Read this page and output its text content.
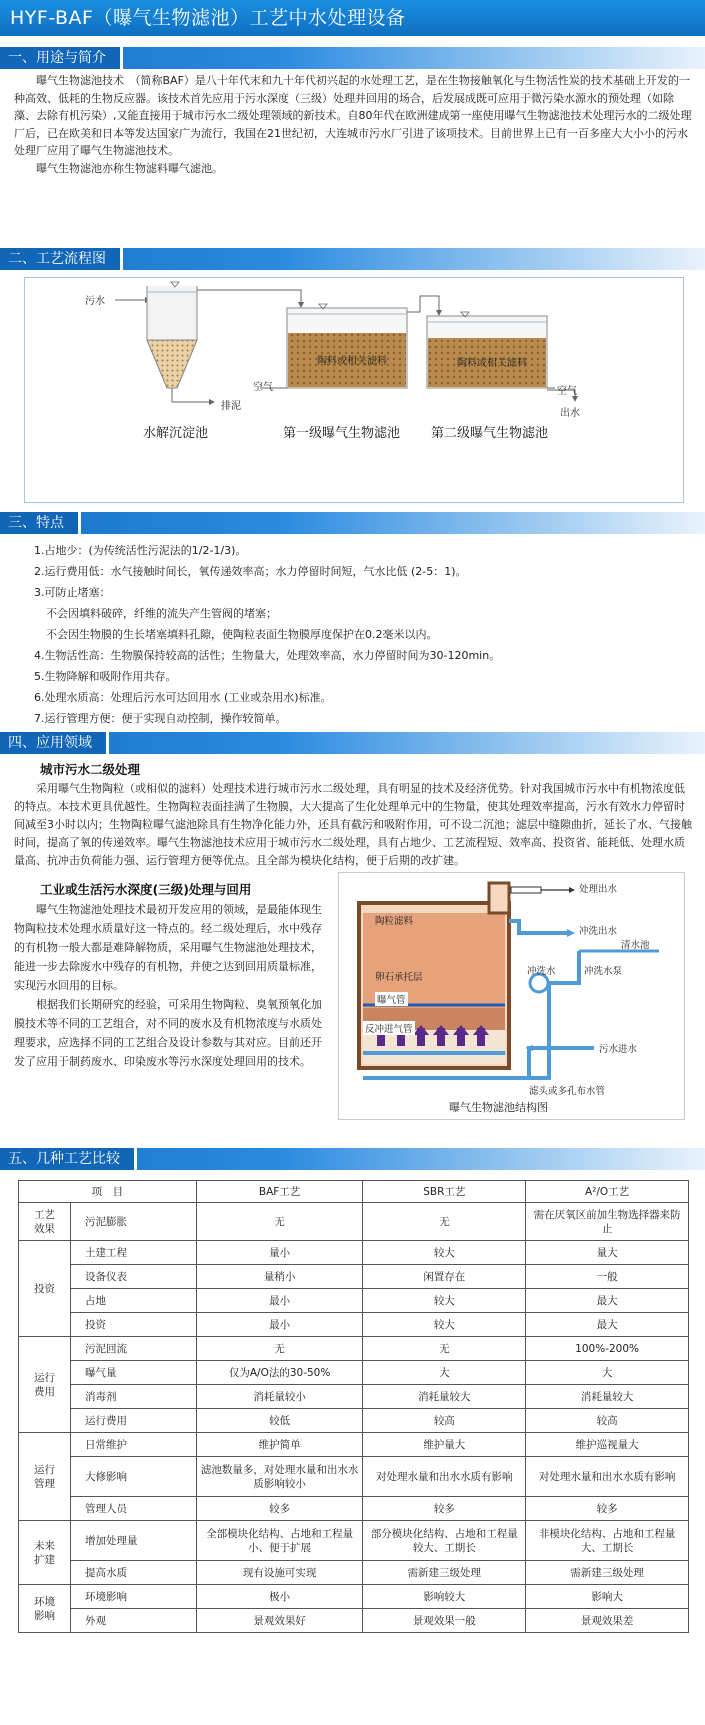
HYF-BAF（曝气生物滤池）工艺中水处理设备
一、用途与简介

曝气生物滤池技术　（简称BAF）是八十年代末和九十年代初兴起的水处理工艺，是在生物接触氧化与生物活性炭的技术基础上开发的一种高效、低耗的生物反应器。该技术首先应用于污水深度（三级）处理并回用的场合，后发展成既可应用于微污染水源水的预处理（如除藻、去除有机污染）,又能直接用于城市污水二级处理领域的新技术。自80年代在欧洲建成第一座使用曝气生物滤池技术处理污水的二级处理厂后，已在欧美和日本等发达国家广为流行，我国在21世纪初，大连城市污水厂引进了该项技术。目前世界上已有一百多座大大小小的污水处理厂应用了曝气生物滤池技术。

曝气生物滤池亦称生物滤料曝气滤池。

二、工艺流程图
污水
排泥
陶料或相关滤料	陶料或相关滤料
空气	空气
出水
水解沉淀池	第一级曝气生物滤池 第二级曝气生物滤池
三、特点
1.占地少：(为传统活性污泥法的1/2-1/3)。
2.运行费用低：水气接触时间长，氧传递效率高；水力停留时间短，气水比低 (2-5：1)。
3.可防止堵塞：
不会因填料破碎，纤维的流失产生管阀的堵塞；
不会因生物膜的生长堵塞填料孔隙，使陶粒表面生物膜厚度保护在0.2毫米以内。
4.生物活性高：生物膜保持较高的活性；生物量大，处理效率高，水力停留时间为30-120min。
5.生物降解和吸附作用共存。
6.处理水质高：处理后污水可达回用水 (工业或杂用水)标准。
7.运行管理方便：便于实现自动控制，操作较简单。
四、应用领域
城市污水二级处理

采用曝气生物陶粒（或相似的滤料）处理技术进行城市污水二级处理，具有明显的技术及经济优势。针对我国城市污水中有机物浓度低的特点。本技术更具优越性。生物陶粒表面挂满了生物膜，大大提高了生化处理单元中的生物量，使其处理效率提高，污水有效水力停留时间减至3小时以内；生物陶粒曝气滤池除具有生物净化能力外，还具有截污和吸附作用，可不设二沉池；滤层中缝隙曲折，延长了水、气接触时间，提高了氧的传递效率。曝气生物滤池技术应用于城市污水二级处理，具有占地少、工艺流程短、效率高、投资省、能耗低、处理水质量高、抗冲击负荷能力强、运行管理方便等优点。且全部为模块化结构，便于后期的改扩建。

工业或生活污水深度(三级)处理与回用

曝气生物滤池处理技术最初开发应用的领域，是最能体现生物陶粒技术处理水质量好这一特点的。经二级处理后，水中残存的有机物一般大都是难降解物质，采用曝气生物滤池处理技术，能进一步去除废水中残存的有机物，并使之达到回用质量标准，实现污水回用的目标。

根据我们长期研究的经验，可采用生物陶粒、臭氧预氧化加膜技术等不同的工艺组合，对不同的废水及有机物浓度与水质处理要求，应选择不同的工艺组合及设计参数与其对应。目前还开发了应用于制药废水、印染废水等污水深度处理回用的技术。

陶粒滤料
卵石承托层
曝气管
反冲进气管
处理出水
冲洗出水
清水池
冲洗水泵
冲洗水
污水进水
滤头或多孔布水管
曝气生物滤池结构图
五、几种工艺比较
项　目		BAF工艺	SBR工艺	A²/O工艺
工艺效果	污泥膨胀	无	无	需在厌氧区前加生物选择器来防止
投资	土建工程	量小	较大	量大
	设备仪表	量稍小	闲置存在	一般
	占地	最小	较大	最大
	投资	最小	较大	最大
运行费用	污泥回流	无	无	100%-200%
	曝气量	仅为A/O法的30-50%	大	大
	消毒剂	消耗量较小	消耗量较大	消耗量较大
	运行费用	较低	较高	较高
运行管理	日常维护	维护简单	维护量大	维护巡视量大
	大修影响	滤池数量多，对处理水量和出水水质影响较小	对处理水量和出水水质有影响	对处理水量和出水水质有影响
	管理人员	较多	较多	较多
未来扩建	增加处理量	全部模块化结构、占地和工程量小、便于扩展	部分模块化结构、占地和工程量较大、工期长	非模块化结构、占地和工程量大、工期长
	提高水质	现有设施可实现	需新建三级处理	需新建三级处理
环境影响	环境影响	极小	影响较大	影响大
	外观	景观效果好	景观效果一般	景观效果差
